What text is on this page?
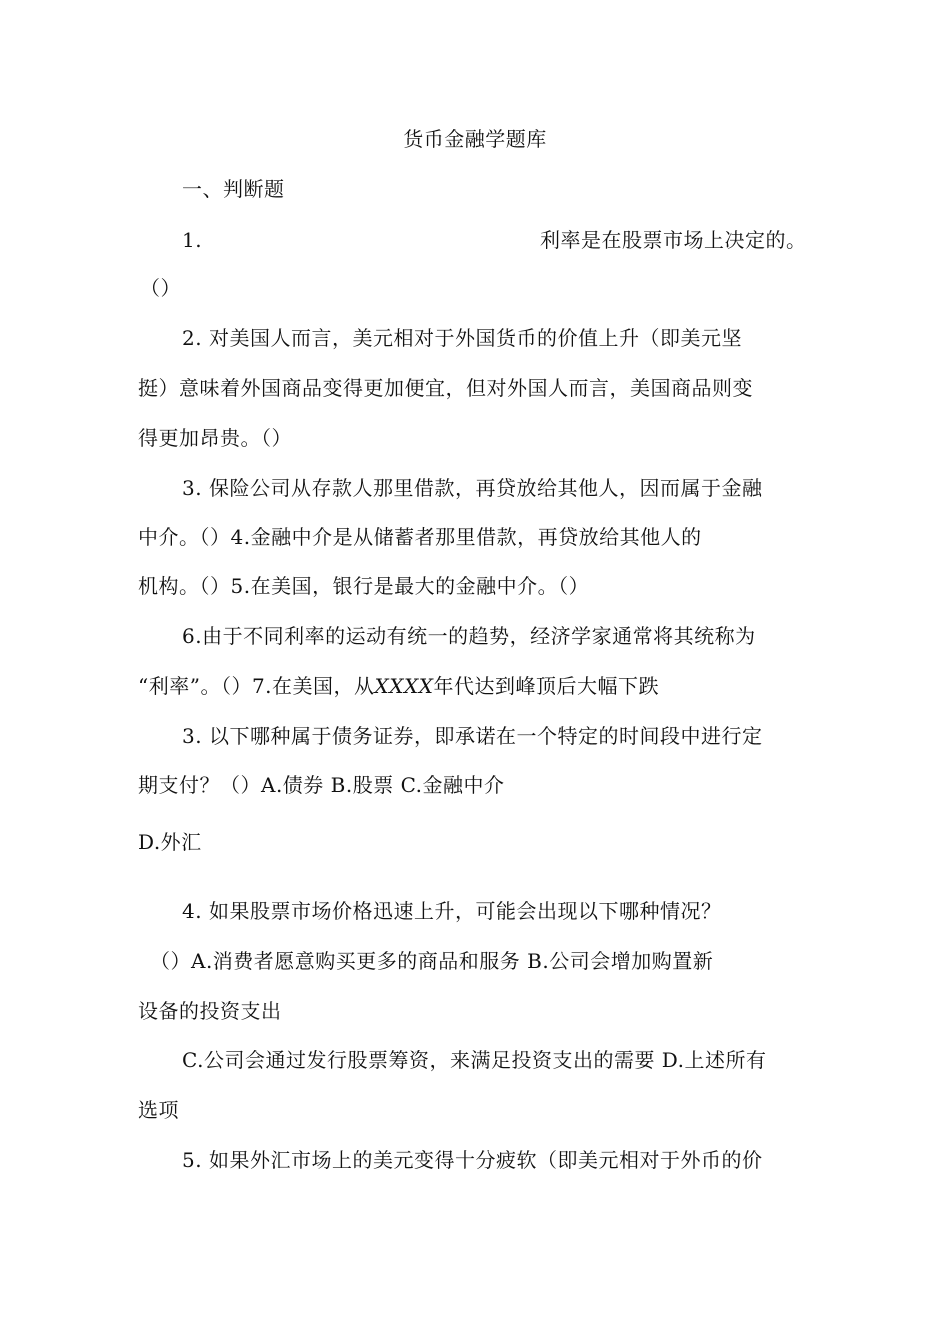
货币金融学题库

一、判断题

1.	利率是在股票市场上决定的。

（）

2. 对美国人而言，美元相对于外国货币的价值上升（即美元坚

挺）意味着外国商品变得更加便宜，但对外国人而言，美国商品则变

得更加昂贵。（）

3. 保险公司从存款人那里借款，再贷放给其他人，因而属于金融

中介。（）4.金融中介是从储蓄者那里借款，再贷放给其他人的

机构。（）5.在美国，银行是最大的金融中介。（）

6.由于不同利率的运动有统一的趋势，经济学家通常将其统称为

“利率”。（）7.在美国，从XXXX年代达到峰顶后大幅下跌

3. 以下哪种属于债务证券，即承诺在一个特定的时间段中进行定

期支付？（）A.债券 B.股票 C.金融中介

D.外汇

4. 如果股票市场价格迅速上升，可能会出现以下哪种情况？

（）A.消费者愿意购买更多的商品和服务 B.公司会增加购置新

设备的投资支出

C.公司会通过发行股票筹资，来满足投资支出的需要 D.上述所有

选项

5. 如果外汇市场上的美元变得十分疲软（即美元相对于外币的价
